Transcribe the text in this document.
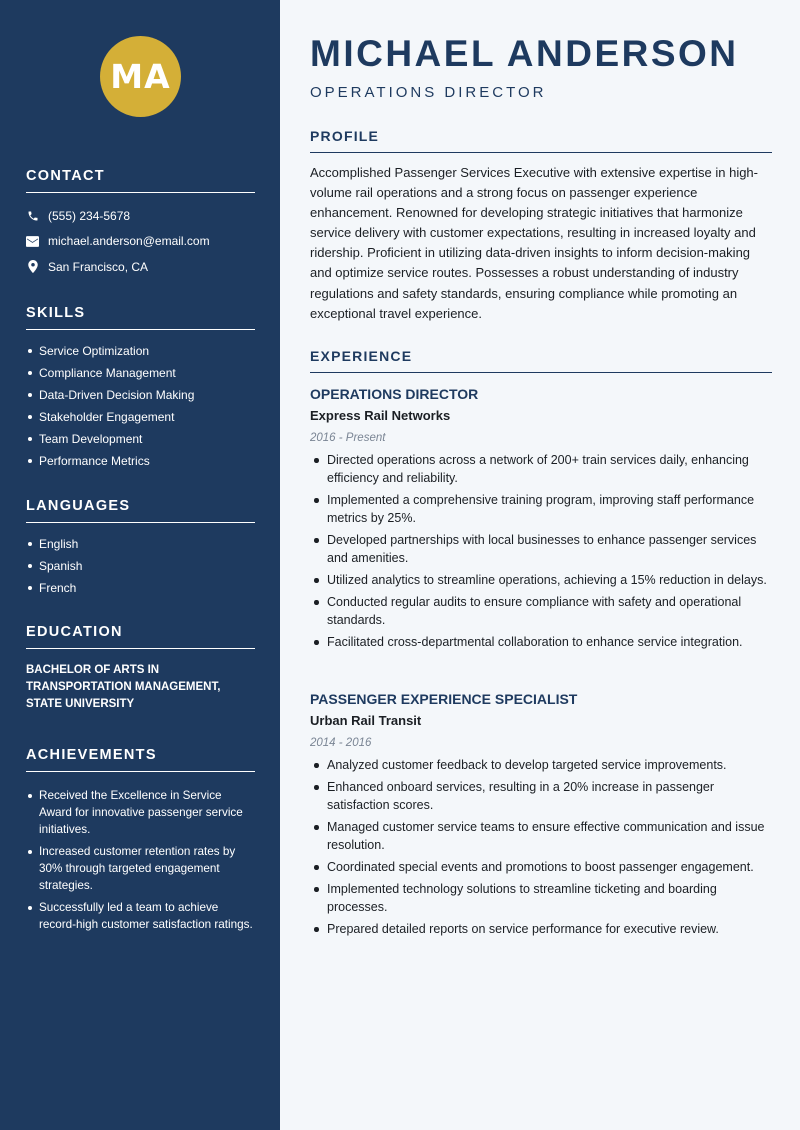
MA
CONTACT
(555) 234-5678
michael.anderson@email.com
San Francisco, CA
SKILLS
Service Optimization
Compliance Management
Data-Driven Decision Making
Stakeholder Engagement
Team Development
Performance Metrics
LANGUAGES
English
Spanish
French
EDUCATION

BACHELOR OF ARTS IN TRANSPORTATION MANAGEMENT, STATE UNIVERSITY

ACHIEVEMENTS
Received the Excellence in Service Award for innovative passenger service initiatives.
Increased customer retention rates by 30% through targeted engagement strategies.
Successfully led a team to achieve record-high customer satisfaction ratings.
MICHAEL ANDERSON
OPERATIONS DIRECTOR
PROFILE

Accomplished Passenger Services Executive with extensive expertise in high-volume rail operations and a strong focus on passenger experience enhancement. Renowned for developing strategic initiatives that harmonize service delivery with customer expectations, resulting in increased loyalty and ridership. Proficient in utilizing data-driven insights to inform decision-making and optimize service routes. Possesses a robust understanding of industry regulations and safety standards, ensuring compliance while promoting an exceptional travel experience.

EXPERIENCE
OPERATIONS DIRECTOR
Express Rail Networks
2016 - Present
Directed operations across a network of 200+ train services daily, enhancing efficiency and reliability.
Implemented a comprehensive training program, improving staff performance metrics by 25%.
Developed partnerships with local businesses to enhance passenger services and amenities.
Utilized analytics to streamline operations, achieving a 15% reduction in delays.
Conducted regular audits to ensure compliance with safety and operational standards.
Facilitated cross-departmental collaboration to enhance service integration.
PASSENGER EXPERIENCE SPECIALIST
Urban Rail Transit
2014 - 2016
Analyzed customer feedback to develop targeted service improvements.
Enhanced onboard services, resulting in a 20% increase in passenger satisfaction scores.
Managed customer service teams to ensure effective communication and issue resolution.
Coordinated special events and promotions to boost passenger engagement.
Implemented technology solutions to streamline ticketing and boarding processes.
Prepared detailed reports on service performance for executive review.
